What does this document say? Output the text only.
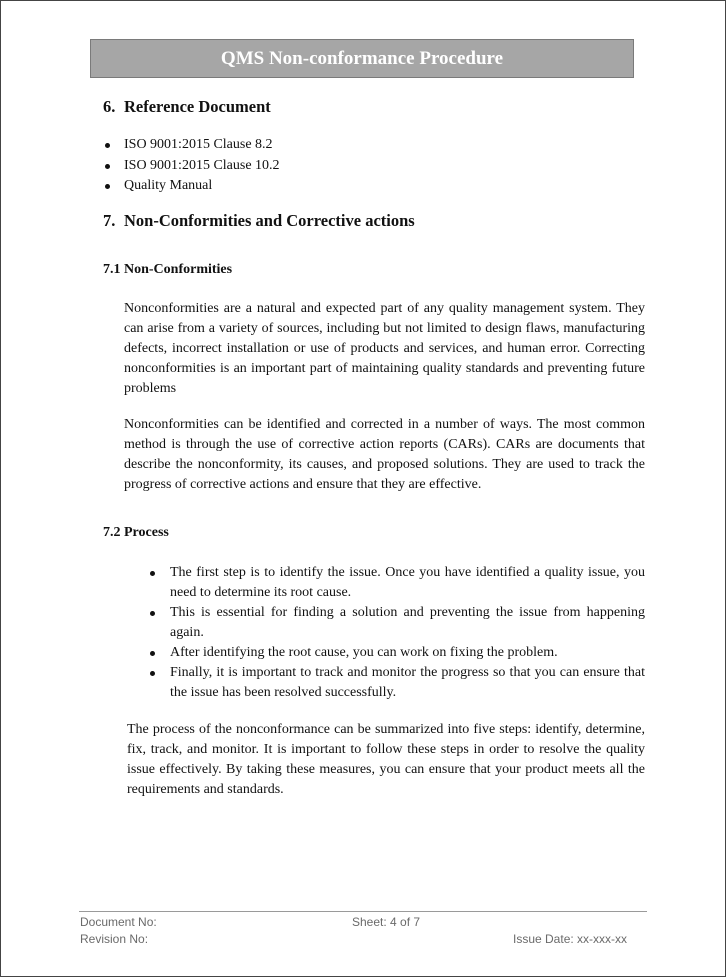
QMS Non-conformance Procedure
6. Reference Document
ISO 9001:2015 Clause 8.2
ISO 9001:2015 Clause 10.2
Quality Manual
7. Non-Conformities and Corrective actions
7.1 Non-Conformities

Nonconformities are a natural and expected part of any quality management system. They can arise from a variety of sources, including but not limited to design flaws, manufacturing defects, incorrect installation or use of products and services, and human error. Correcting nonconformities is an important part of maintaining quality standards and preventing future problems

Nonconformities can be identified and corrected in a number of ways. The most common method is through the use of corrective action reports (CARs). CARs are documents that describe the nonconformity, its causes, and proposed solutions. They are used to track the progress of corrective actions and ensure that they are effective.

7.2 Process
The first step is to identify the issue. Once you have identified a quality issue, you need to determine its root cause.
This is essential for finding a solution and preventing the issue from happening again.
After identifying the root cause, you can work on fixing the problem.
Finally, it is important to track and monitor the progress so that you can ensure that the issue has been resolved successfully.

The process of the nonconformance can be summarized into five steps: identify, determine, fix, track, and monitor. It is important to follow these steps in order to resolve the quality issue effectively. By taking these measures, you can ensure that your product meets all the requirements and standards.

Document No:
Revision No:
Sheet: 4 of 7
Issue Date: xx-xxx-xx
